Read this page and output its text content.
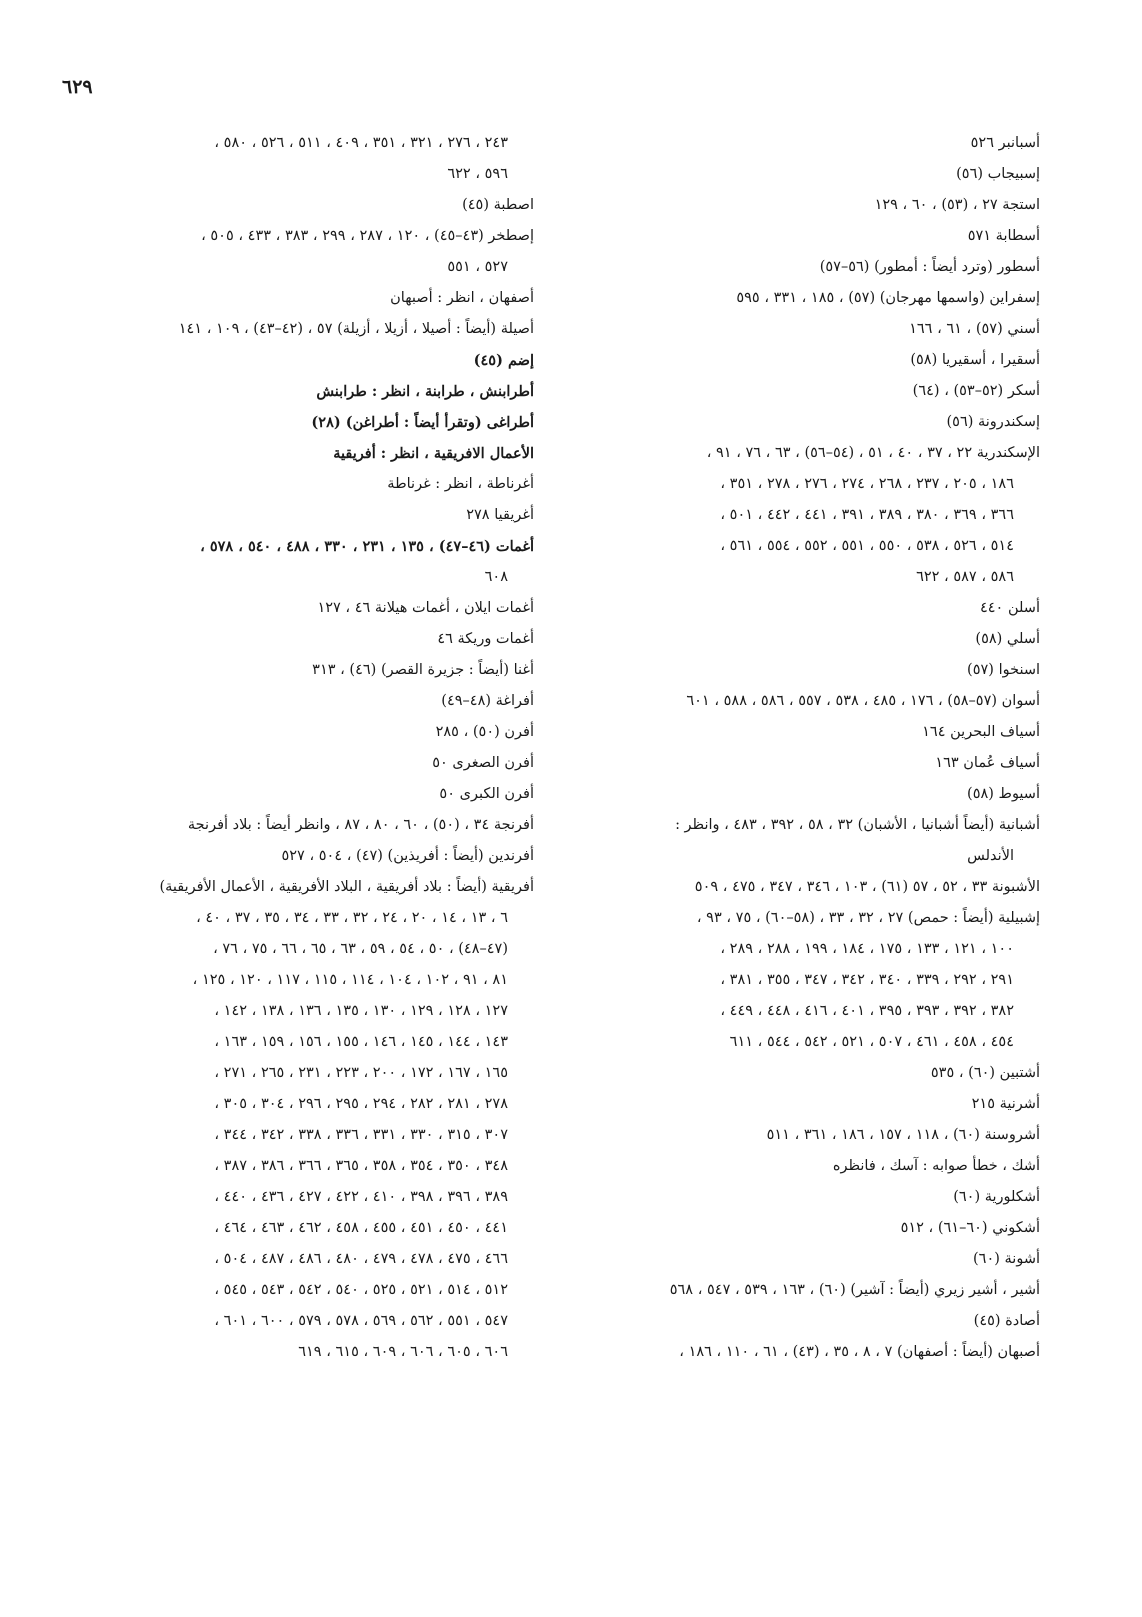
٦٢٩
أسبانبر ٥٢٦
إسبيجاب (٥٦)
استجة ٢٧ ، (٥٣) ، ٦٠ ، ١٢٩
أسطابة ٥٧١
أسطور (وترد أيضاً : أمطور) (٥٦–٥٧)
إسفراين (واسمها مهرجان) (٥٧) ، ١٨٥ ، ٣٣١ ، ٥٩٥
أسني (٥٧) ، ٦١ ، ١٦٦
أسقيرا ، أسقيريا (٥٨)
أسكر (٥٢–٥٣) ، (٦٤)
إسكندرونة (٥٦)
الإسكندرية ٢٢ ، ٣٧ ، ٤٠ ، ٥١ ، (٥٤–٥٦) ، ٦٣ ، ٧٦ ، ٩١ ،
١٨٦ ، ٢٠٥ ، ٢٣٧ ، ٢٦٨ ، ٢٧٤ ، ٢٧٦ ، ٢٧٨ ، ٣٥١ ،
٣٦٦ ، ٣٦٩ ، ٣٨٠ ، ٣٨٩ ، ٣٩١ ، ٤٤١ ، ٤٤٢ ، ٥٠١ ،
٥١٤ ، ٥٢٦ ، ٥٣٨ ، ٥٥٠ ، ٥٥١ ، ٥٥٢ ، ٥٥٤ ، ٥٦١ ،
٥٨٦ ، ٥٨٧ ، ٦٢٢
أسلن ٤٤٠
أسلي (٥٨)
اسنخوا (٥٧)
أسوان (٥٧–٥٨) ، ١٧٦ ، ٤٨٥ ، ٥٣٨ ، ٥٥٧ ، ٥٨٦ ، ٥٨٨ ، ٦٠١
أسياف البحرين ١٦٤
أسياف عُمان ١٦٣
أسيوط (٥٨)
أشبانية (أيضاً أشبانيا ، الأشبان) ٣٢ ، ٥٨ ، ٣٩٢ ، ٤٨٣ ، وانظر :
الأندلس
الأشبونة ٣٣ ، ٥٢ ، ٥٧ (٦١) ، ١٠٣ ، ٣٤٦ ، ٣٤٧ ، ٤٧٥ ، ٥٠٩
إشبيلية (أيضاً : حمص) ٢٧ ، ٣٢ ، ٣٣ ، (٥٨–٦٠) ، ٧٥ ، ٩٣ ،
١٠٠ ، ١٢١ ، ١٣٣ ، ١٧٥ ، ١٨٤ ، ١٩٩ ، ٢٨٨ ، ٢٨٩ ،
٢٩١ ، ٢٩٢ ، ٣٣٩ ، ٣٤٠ ، ٣٤٢ ، ٣٤٧ ، ٣٥٥ ، ٣٨١ ،
٣٨٢ ، ٣٩٢ ، ٣٩٣ ، ٣٩٥ ، ٤٠١ ، ٤١٦ ، ٤٤٨ ، ٤٤٩ ،
٤٥٤ ، ٤٥٨ ، ٤٦١ ، ٥٠٧ ، ٥٢١ ، ٥٤٢ ، ٥٤٤ ، ٦١١
أشتبين (٦٠) ، ٥٣٥
أشرنية ٢١٥
أشروسنة (٦٠) ، ١١٨ ، ١٥٧ ، ١٨٦ ، ٣٦١ ، ٥١١
أشك ، خطأ صوابه : آسك ، فانظره
أشكلورية (٦٠)
أشكوني (٦٠–٦١) ، ٥١٢
أشونة (٦٠)
أشير ، أشير زيري (أيضاً : آشير) (٦٠) ، ١٦٣ ، ٥٣٩ ، ٥٤٧ ، ٥٦٨
أصادة (٤٥)
أصبهان (أيضاً : أصفهان) ٧ ، ٨ ، ٣٥ ، (٤٣) ، ٦١ ، ١١٠ ، ١٨٦ ،
٢٤٣ ، ٢٧٦ ، ٣٢١ ، ٣٥١ ، ٤٠٩ ، ٥١١ ، ٥٢٦ ، ٥٨٠ ،
٥٩٦ ، ٦٢٢
اصطبة (٤٥)
إصطخر (٤٣–٤٥) ، ١٢٠ ، ٢٨٧ ، ٢٩٩ ، ٣٨٣ ، ٤٣٣ ، ٥٠٥ ،
٥٢٧ ، ٥٥١
أصفهان ، انظر : أصبهان
أصيلة (أيضاً : أصيلا ، أزيلا ، أزيلة) ٥٧ ، (٤٢–٤٣) ، ١٠٩ ، ١٤١
إضم (٤٥)
أطرابنش ، طرابنة ، انظر : طرابنش
أطراغى (وتقرأ أيضاً : أطراغن) (٢٨)
الأعمال الافريقية ، انظر : أفريقية
أغرناطة ، انظر : غرناطة
أغريقيا ٢٧٨
أغمات (٤٦–٤٧) ، ١٣٥ ، ٢٣١ ، ٣٣٠ ، ٤٨٨ ، ٥٤٠ ، ٥٧٨ ،
٦٠٨
أغمات ايلان ، أغمات هيلانة ٤٦ ، ١٢٧
أغمات وريكة ٤٦
أغنا (أيضاً : جزيرة القصر) (٤٦) ، ٣١٣
أفراغة (٤٨–٤٩)
أفرن (٥٠) ، ٢٨٥
أفرن الصغرى ٥٠
أفرن الكبرى ٥٠
أفرنجة ٣٤ ، (٥٠) ، ٦٠ ، ٨٠ ، ٨٧ ، وانظر أيضاً : بلاد أفرنجة
أفرندين (أيضاً : أفريذين) (٤٧) ، ٥٠٤ ، ٥٢٧
أفريقية (أيضاً : بلاد أفريقية ، البلاد الأفريقية ، الأعمال الأفريقية)
٦ ، ١٣ ، ١٤ ، ٢٠ ، ٢٤ ، ٣٢ ، ٣٣ ، ٣٤ ، ٣٥ ، ٣٧ ، ٤٠ ،
(٤٧–٤٨) ، ٥٠ ، ٥٤ ، ٥٩ ، ٦٣ ، ٦٥ ، ٦٦ ، ٧٥ ، ٧٦ ،
٨١ ، ٩١ ، ١٠٢ ، ١٠٤ ، ١١٤ ، ١١٥ ، ١١٧ ، ١٢٠ ، ١٢٥ ،
١٢٧ ، ١٢٨ ، ١٢٩ ، ١٣٠ ، ١٣٥ ، ١٣٦ ، ١٣٨ ، ١٤٢ ،
١٤٣ ، ١٤٤ ، ١٤٥ ، ١٤٦ ، ١٥٥ ، ١٥٦ ، ١٥٩ ، ١٦٣ ،
١٦٥ ، ١٦٧ ، ١٧٢ ، ٢٠٠ ، ٢٢٣ ، ٢٣١ ، ٢٦٥ ، ٢٧١ ،
٢٧٨ ، ٢٨١ ، ٢٨٢ ، ٢٩٤ ، ٢٩٥ ، ٢٩٦ ، ٣٠٤ ، ٣٠٥ ،
٣٠٧ ، ٣١٥ ، ٣٣٠ ، ٣٣١ ، ٣٣٦ ، ٣٣٨ ، ٣٤٢ ، ٣٤٤ ،
٣٤٨ ، ٣٥٠ ، ٣٥٤ ، ٣٥٨ ، ٣٦٥ ، ٣٦٦ ، ٣٨٦ ، ٣٨٧ ،
٣٨٩ ، ٣٩٦ ، ٣٩٨ ، ٤١٠ ، ٤٢٢ ، ٤٢٧ ، ٤٣٦ ، ٤٤٠ ،
٤٤١ ، ٤٥٠ ، ٤٥١ ، ٤٥٥ ، ٤٥٨ ، ٤٦٢ ، ٤٦٣ ، ٤٦٤ ،
٤٦٦ ، ٤٧٥ ، ٤٧٨ ، ٤٧٩ ، ٤٨٠ ، ٤٨٦ ، ٤٨٧ ، ٥٠٤ ،
٥١٢ ، ٥١٤ ، ٥٢١ ، ٥٢٥ ، ٥٤٠ ، ٥٤٢ ، ٥٤٣ ، ٥٤٥ ،
٥٤٧ ، ٥٥١ ، ٥٦٢ ، ٥٦٩ ، ٥٧٨ ، ٥٧٩ ، ٦٠٠ ، ٦٠١ ،
٦٠٦ ، ٦٠٥ ، ٦٠٦ ، ٦٠٩ ، ٦١٥ ، ٦١٩
